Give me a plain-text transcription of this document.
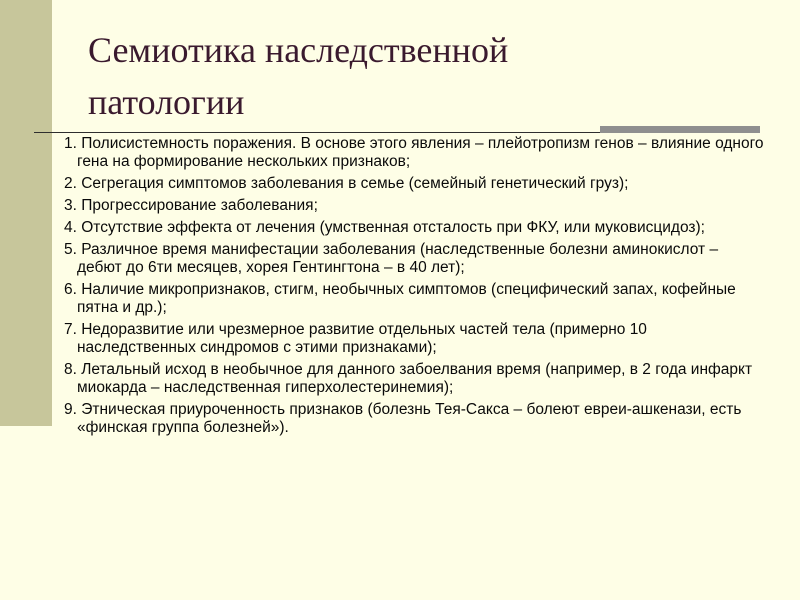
Семиотика наследственной
патологии
1. Полисистемность поражения. В основе этого явления – плейотропизм генов – влияние одного гена на формирование нескольких признаков;
2. Сегрегация симптомов заболевания в семье (семейный генетический груз);
3. Прогрессирование заболевания;
4. Отсутствие эффекта от лечения (умственная отсталость при ФКУ, или муковисцидоз);
5. Различное время манифестации заболевания (наследственные болезни аминокислот – дебют до 6ти месяцев, хорея Гентингтона – в 40 лет);
6. Наличие микропризнаков, стигм, необычных симптомов (специфический запах, кофейные пятна и др.);
7. Недоразвитие или чрезмерное развитие отдельных частей тела (примерно 10 наследственных синдромов с этими признаками);
8. Летальный исход в необычное для данного забоелвания время (например, в 2 года инфаркт миокарда – наследственная гиперхолестеринемия);
9. Этническая приуроченность признаков (болезнь Тея-Сакса – болеют евреи-ашкенази, есть «финская группа болезней»).
